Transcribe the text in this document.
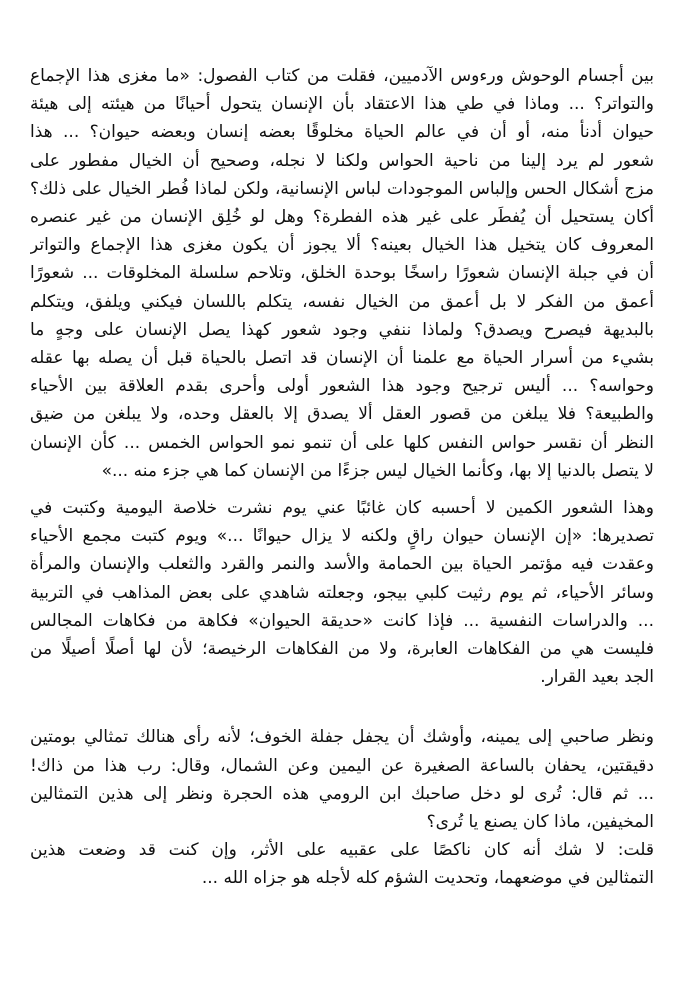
بين أجسام الوحوش ورءوس الآدميين، فقلت من كتاب الفصول: «ما مغزى هذا الإجماع
والتواتر؟ ... وماذا في طي هذا الاعتقاد بأن الإنسان يتحول أحيانًا من هيئته إلى هيئة
حيوان أدنأ منه، أو أن في عالم الحياة مخلوقًا بعضه إنسان وبعضه حيوان؟ ... هذا
شعور لم يرد إلينا من ناحية الحواس ولكنا لا نجله، وصحيح أن الخيال مفطور على
مزج أشكال الحس وإلباس الموجودات لباس الإنسانية، ولكن لماذا فُطر الخيال على ذلك؟
أكان يستحيل أن يُفطَر على غير هذه الفطرة؟ وهل لو خُلِق الإنسان من غير عنصره
المعروف كان يتخيل هذا الخيال بعينه؟ ألا يجوز أن يكون مغزى هذا الإجماع والتواتر
أن في جبلة الإنسان شعورًا راسخًا بوحدة الخلق، وتلاحم سلسلة المخلوقات ... شعورًا
أعمق من الفكر لا بل أعمق من الخيال نفسه، يتكلم باللسان فيكني ويلفق، ويتكلم
بالبديهة فيصرح ويصدق؟ ولماذا ننفي وجود شعور كهذا يصل الإنسان على وجهٍ ما
بشيء من أسرار الحياة مع علمنا أن الإنسان قد اتصل بالحياة قبل أن يصله بها عقله
وحواسه؟ ... أليس ترجيح وجود هذا الشعور أولى وأحرى بقدم العلاقة بين الأحياء
والطبيعة؟ فلا يبلغن من قصور العقل ألا يصدق إلا بالعقل وحده، ولا يبلغن من ضيق
النظر أن نقسر حواس النفس كلها على أن تنمو نمو الحواس الخمس ... كأن الإنسان
لا يتصل بالدنيا إلا بها، وكأنما الخيال ليس جزءًا من الإنسان كما هي جزء منه ...»

وهذا الشعور الكمين لا أحسبه كان غائبًا عني يوم نشرت خلاصة اليومية وكتبت في
تصديرها: «إن الإنسان حيوان راقٍ ولكنه لا يزال حيوانًا ...» ويوم كتبت مجمع الأحياء
وعقدت فيه مؤتمر الحياة بين الحمامة والأسد والنمر والقرد والثعلب والإنسان والمرأة
وسائر الأحياء، ثم يوم رثيت كلبي بيجو، وجعلته شاهدي على بعض المذاهب في التربية
... والدراسات النفسية ... فإذا كانت «حديقة الحيوان» فكاهة من فكاهات المجالس
فليست هي من الفكاهات العابرة، ولا من الفكاهات الرخيصة؛ لأن لها أصلًا أصيلًا من
الجد بعيد القرار.

ونظر صاحبي إلى يمينه، وأوشك أن يجفل جفلة الخوف؛ لأنه رأى هنالك تمثالي بومتين
دقيقتين، يحفان بالساعة الصغيرة عن اليمين وعن الشمال، وقال: رب هذا من ذاك!
... ثم قال: تُرى لو دخل صاحبك ابن الرومي هذه الحجرة ونظر إلى هذين التمثالين
المخيفين، ماذا كان يصنع يا تُرى؟

قلت: لا شك أنه كان ناكصًا على عقبيه على الأثر، وإن كنت قد وضعت هذين
التمثالين في موضعهما، وتحديت الشؤم كله لأجله هو جزاه الله ...
